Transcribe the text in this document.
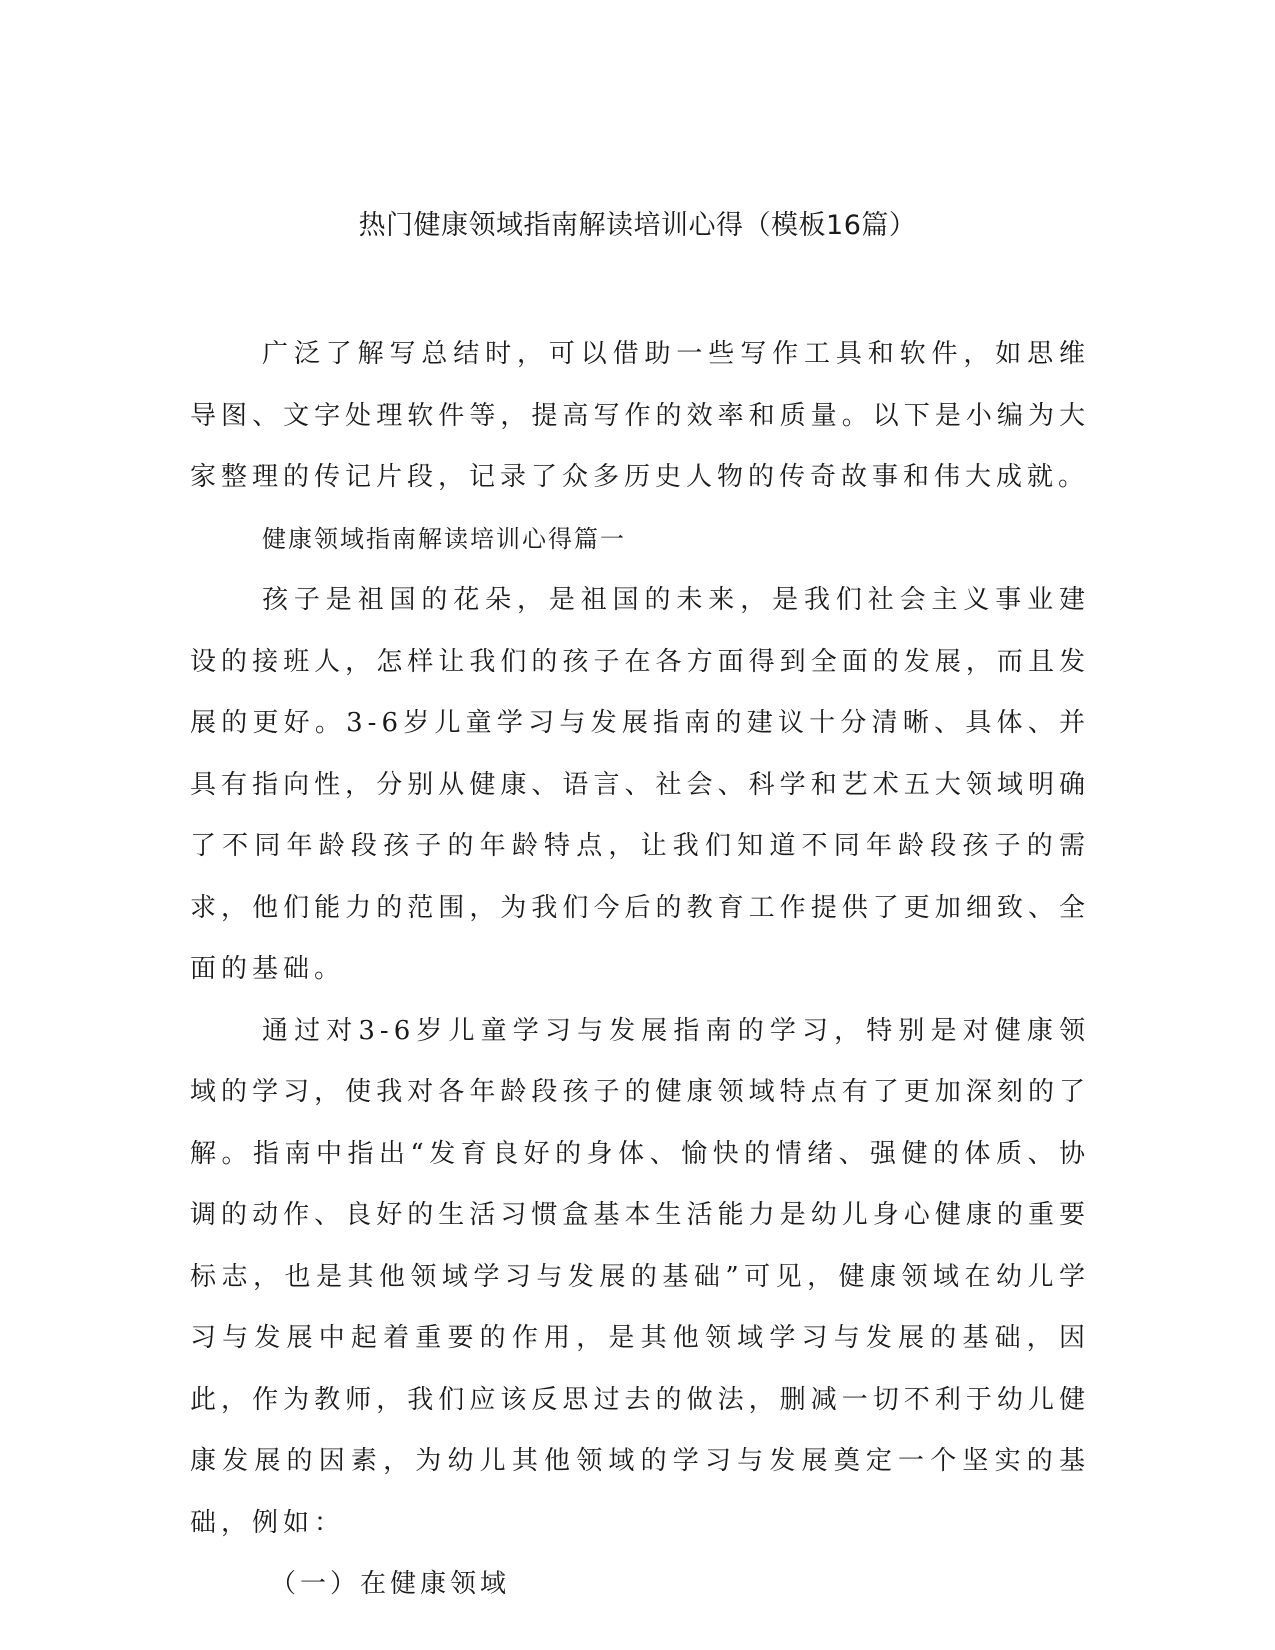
热门健康领域指南解读培训心得（模板16篇）

广泛了解写总结时，可以借助一些写作工具和软件，如思维导图、文字处理软件等，提高写作的效率和质量。以下是小编为大家整理的传记片段，记录了众多历史人物的传奇故事和伟大成就。

健康领域指南解读培训心得篇一

孩子是祖国的花朵，是祖国的未来，是我们社会主义事业建设的接班人，怎样让我们的孩子在各方面得到全面的发展，而且发展的更好。3-6岁儿童学习与发展指南的建议十分清晰、具体、并具有指向性，分别从健康、语言、社会、科学和艺术五大领域明确了不同年龄段孩子的年龄特点，让我们知道不同年龄段孩子的需求，他们能力的范围，为我们今后的教育工作提供了更加细致、全面的基础。

通过对3-6岁儿童学习与发展指南的学习，特别是对健康领域的学习，使我对各年龄段孩子的健康领域特点有了更加深刻的了解。指南中指出“发育良好的身体、愉快的情绪、强健的体质、协调的动作、良好的生活习惯盒基本生活能力是幼儿身心健康的重要标志，也是其他领域学习与发展的基础”可见，健康领域在幼儿学习与发展中起着重要的作用，是其他领域学习与发展的基础，因此，作为教师，我们应该反思过去的做法，删减一切不利于幼儿健康发展的因素，为幼儿其他领域的学习与发展奠定一个坚实的基础，例如：

（一）在健康领域
